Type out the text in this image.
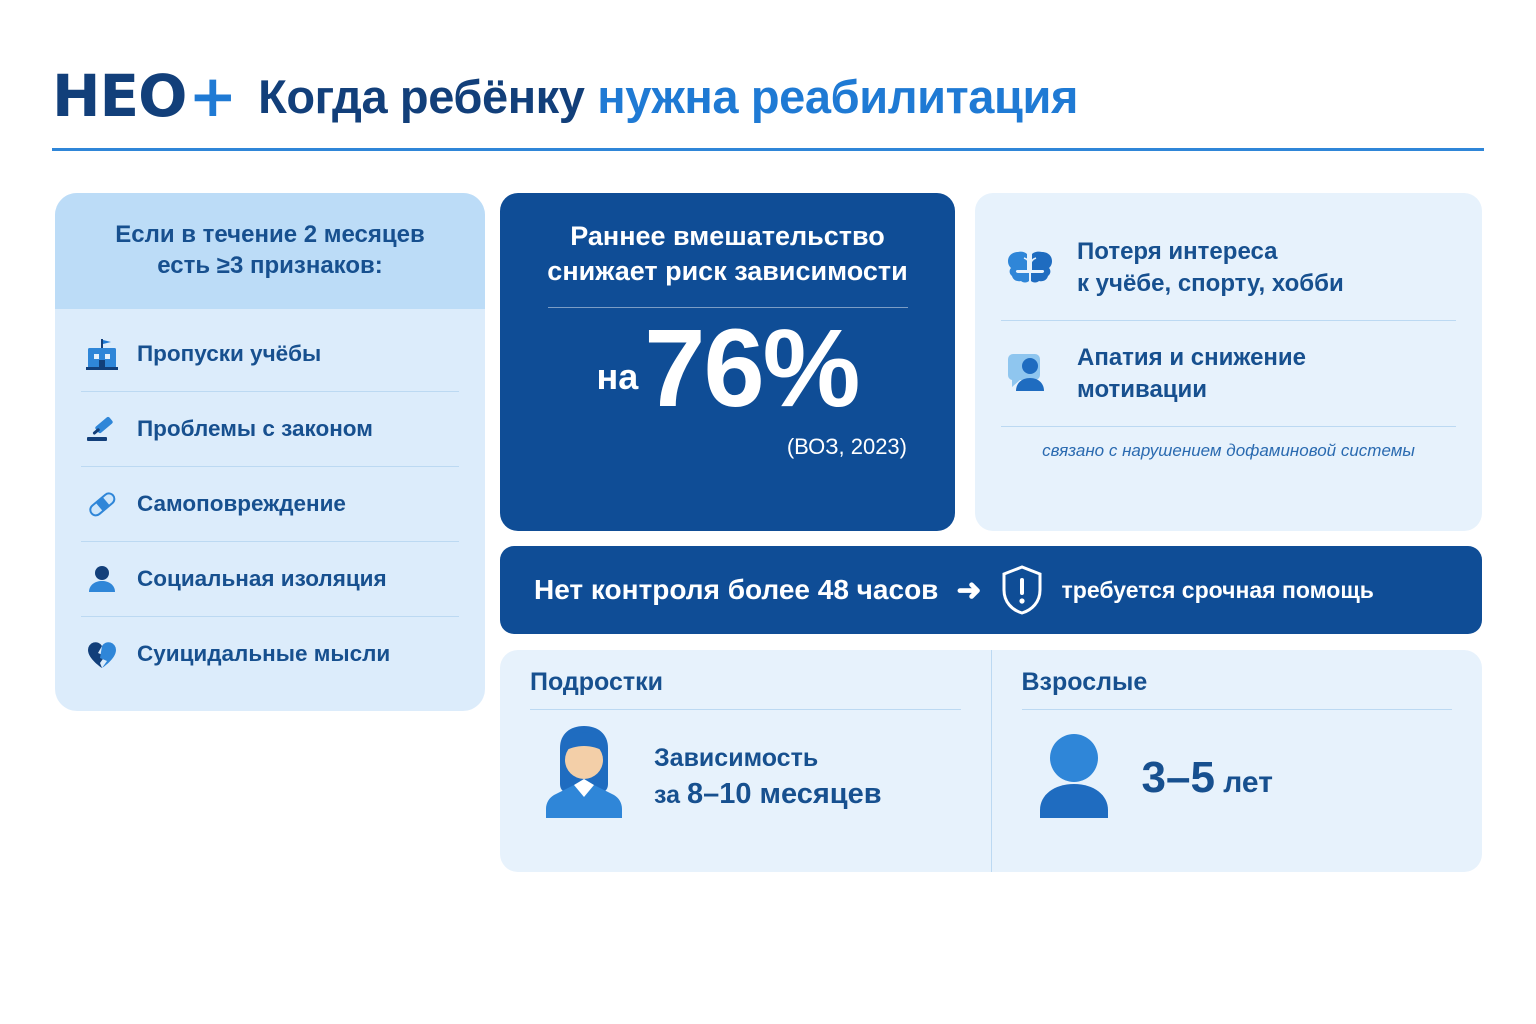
HEO + Когда ребёнку нужна реабилитация
Если в течение 2 месяцев
есть ≥3 признаков:
Пропуски учёбы
Проблемы с законом
Самоповреждение
Социальная изоляция
Суицидальные мысли
Раннее вмешательство
снижает риск зависимости
на 76%
(ВОЗ, 2023)
Потеря интереса
к учёбе, спорту, хобби
Апатия и снижение
мотивации
связано с нарушением дофаминовой системы
Нет контроля более 48 часов ➜	требуется срочная помощь
Подростки
Зависимость
за 8–10 месяцев
Взрослые
3–5 лет
